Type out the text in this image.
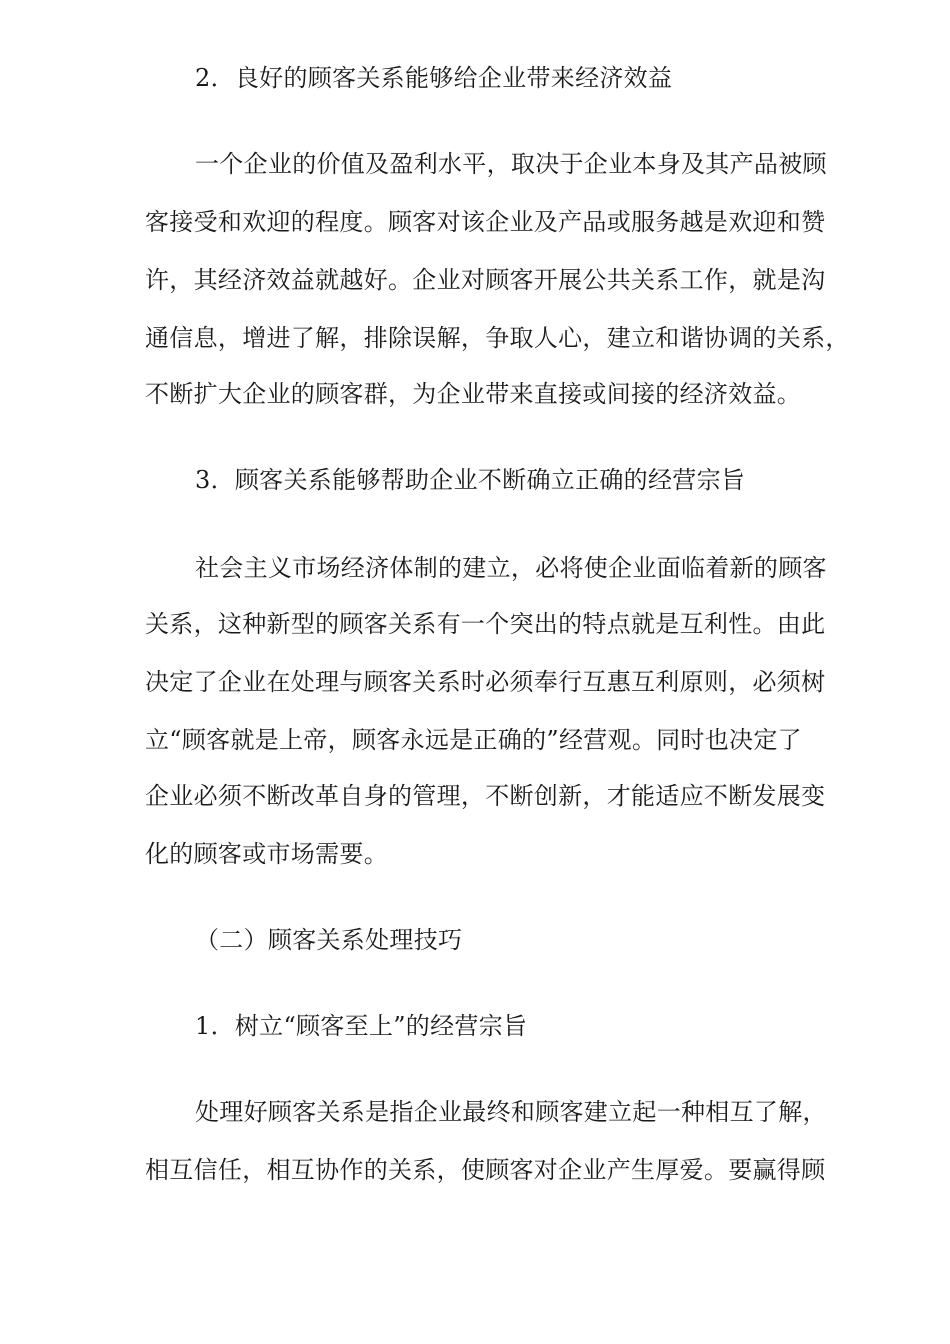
2．良好的顾客关系能够给企业带来经济效益
一个企业的价值及盈利水平，取决于企业本身及其产品被顾
客接受和欢迎的程度。顾客对该企业及产品或服务越是欢迎和赞
许，其经济效益就越好。企业对顾客开展公共关系工作，就是沟
通信息，增进了解，排除误解，争取人心，建立和谐协调的关系，
不断扩大企业的顾客群，为企业带来直接或间接的经济效益。
3．顾客关系能够帮助企业不断确立正确的经营宗旨
社会主义市场经济体制的建立，必将使企业面临着新的顾客
关系，这种新型的顾客关系有一个突出的特点就是互利性。由此
决定了企业在处理与顾客关系时必须奉行互惠互利原则，必须树
立“顾客就是上帝，顾客永远是正确的”经营观。同时也决定了
企业必须不断改革自身的管理，不断创新，才能适应不断发展变
化的顾客或市场需要。
（二）顾客关系处理技巧
1．树立“顾客至上”的经营宗旨
处理好顾客关系是指企业最终和顾客建立起一种相互了解，
相互信任，相互协作的关系，使顾客对企业产生厚爱。要赢得顾
